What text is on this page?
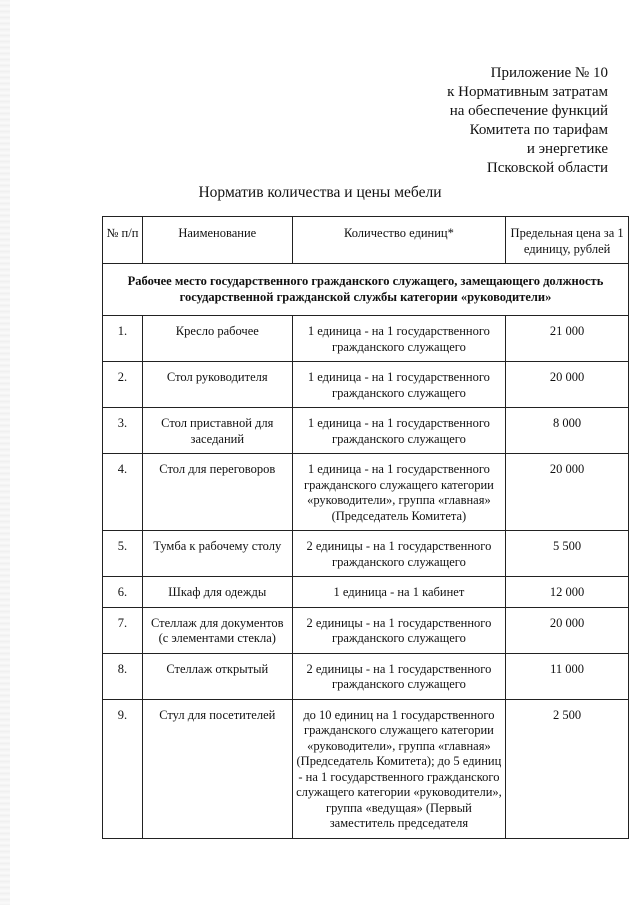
Приложение № 10
к Нормативным затратам
на обеспечение функций
Комитета по тарифам
и энергетике
Псковской области
Норматив количества и цены мебели
№ п/п	Наименование	Количество единиц*	Предельная цена за 1 единицу, рублей
Рабочее место государственного гражданского служащего, замещающего должность государственной гражданской службы категории «руководители»			
1.	Кресло рабочее	1 единица - на 1 государственного гражданского служащего	21 000
2.	Стол руководителя	1 единица - на 1 государственного гражданского служащего	20 000
3.	Стол приставной для заседаний	1 единица - на 1 государственного гражданского служащего	8 000
4.	Стол для переговоров	1 единица - на 1 государственного гражданского служащего категории «руководители», группа «главная» (Председатель Комитета)	20 000
5.	Тумба к рабочему столу	2 единицы - на 1 государственного гражданского служащего	5 500
6.	Шкаф для одежды	1 единица - на 1 кабинет	12 000
7.	Стеллаж для документов (с элементами стекла)	2 единицы - на 1 государственного гражданского служащего	20 000
8.	Стеллаж открытый	2 единицы - на 1 государственного гражданского служащего	11 000
9.	Стул для посетителей	до 10 единиц на 1 государственного гражданского служащего категории «руководители», группа «главная» (Председатель Комитета); до 5 единиц - на 1 государственного гражданского служащего категории «руководители», группа «ведущая» (Первый заместитель председателя	2 500
